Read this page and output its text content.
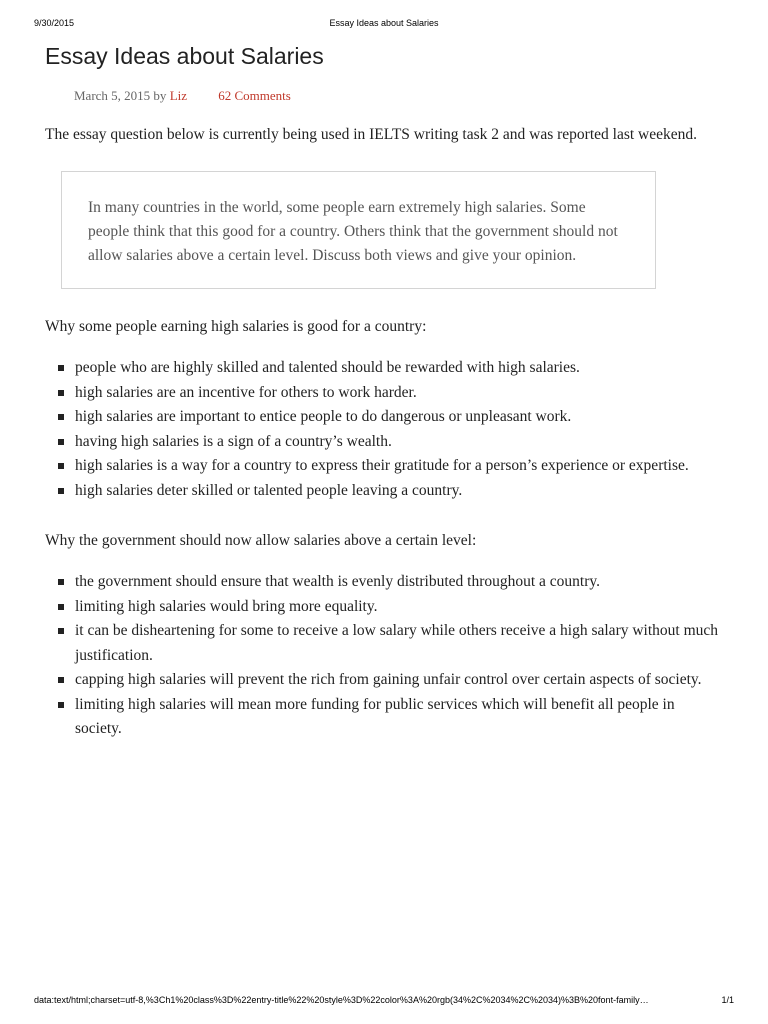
9/30/2015	Essay Ideas about Salaries
Essay Ideas about Salaries
March 5, 2015 by Liz 62 Comments

The essay question below is currently being used in IELTS writing task 2 and was reported last weekend.

In many countries in the world, some people earn extremely high salaries. Some people think that this good for a country. Others think that the government should not allow salaries above a certain level. Discuss both views and give your opinion.

Why some people earning high salaries is good for a country:

people who are highly skilled and talented should be rewarded with high salaries.
high salaries are an incentive for others to work harder.
high salaries are important to entice people to do dangerous or unpleasant work.
having high salaries is a sign of a country’s wealth.
high salaries is a way for a country to express their gratitude for a person’s experience or expertise.
high salaries deter skilled or talented people leaving a country.

Why the government should now allow salaries above a certain level:

the government should ensure that wealth is evenly distributed throughout a country.
limiting high salaries would bring more equality.
it can be disheartening for some to receive a low salary while others receive a high salary without much justification.
capping high salaries will prevent the rich from gaining unfair control over certain aspects of society.
limiting high salaries will mean more funding for public services which will benefit all people in society.
data:text/html;charset=utf-8,%3Ch1%20class%3D%22entry-title%22%20style%3D%22color%3A%20rgb(34%2C%2034%2C%2034)%3B%20font-family…	1/1
